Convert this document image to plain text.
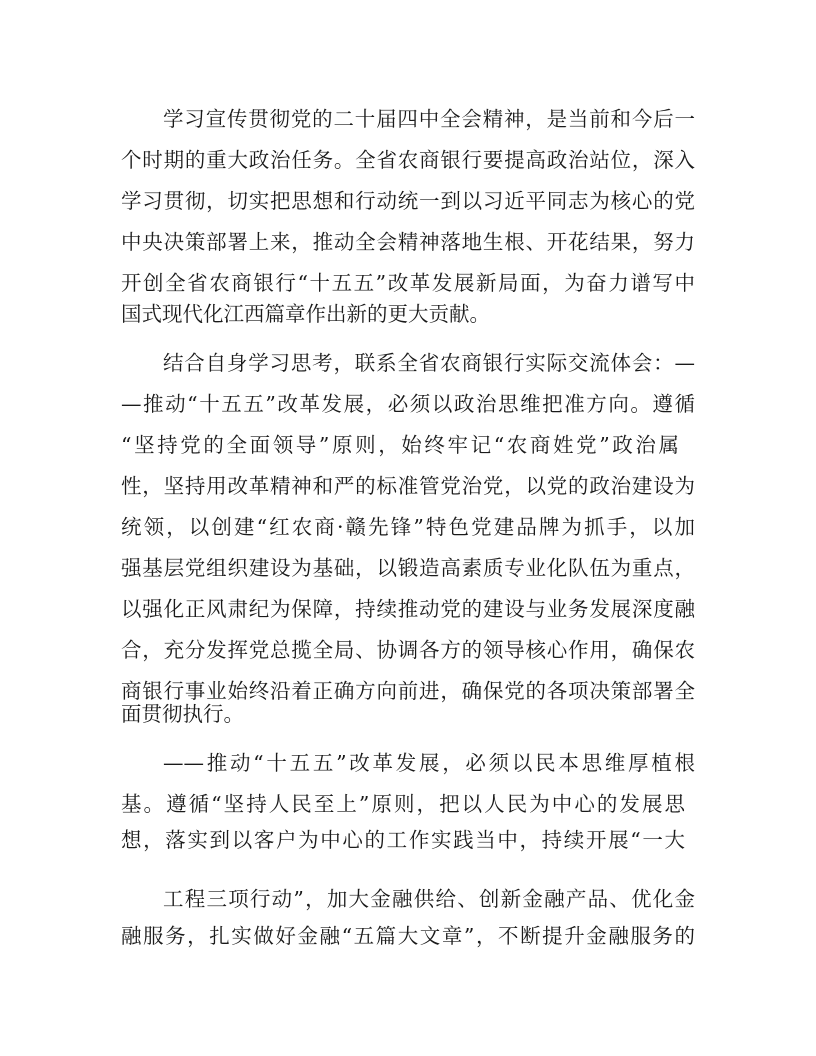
学习宣传贯彻党的二十届四中全会精神，是当前和今后一
个时期的重大政治任务。全省农商银行要提高政治站位，深入
学习贯彻，切实把思想和行动统一到以习近平同志为核心的党
中央决策部署上来，推动全会精神落地生根、开花结果，努力
开创全省农商银行“十五五”改革发展新局面，为奋力谱写中
国式现代化江西篇章作出新的更大贡献。
结合自身学习思考，联系全省农商银行实际交流体会：—
—推动“十五五”改革发展，必须以政治思维把准方向。遵循
“坚持党的全面领导”原则，始终牢记“农商姓党”政治属
性，坚持用改革精神和严的标准管党治党，以党的政治建设为
统领，以创建“红农商·赣先锋”特色党建品牌为抓手，以加
强基层党组织建设为基础，以锻造高素质专业化队伍为重点，
以强化正风肃纪为保障，持续推动党的建设与业务发展深度融
合，充分发挥党总揽全局、协调各方的领导核心作用，确保农
商银行事业始终沿着正确方向前进，确保党的各项决策部署全
面贯彻执行。
——推动“十五五”改革发展，必须以民本思维厚植根
基。遵循“坚持人民至上”原则，把以人民为中心的发展思
想，落实到以客户为中心的工作实践当中，持续开展“一大
工程三项行动”，加大金融供给、创新金融产品、优化金
融服务，扎实做好金融“五篇大文章”，不断提升金融服务的
